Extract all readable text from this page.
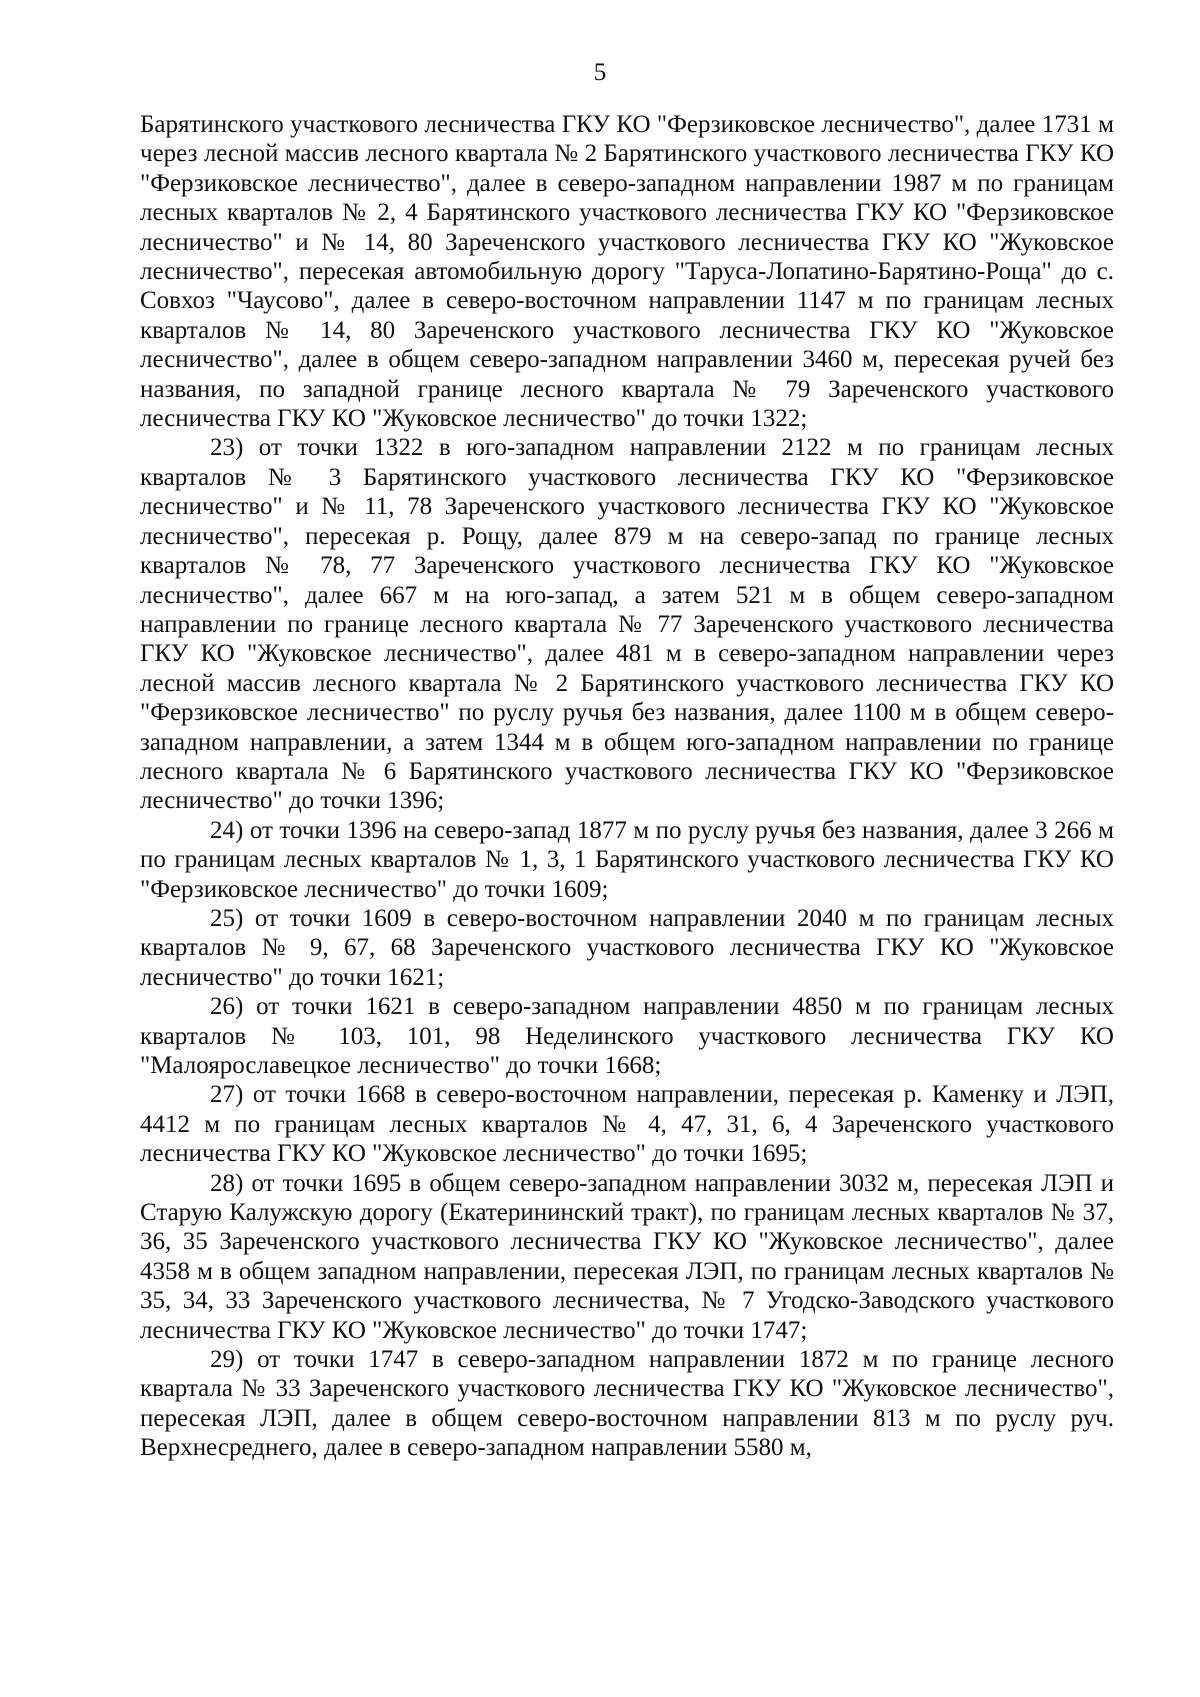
5

Барятинского участкового лесничества ГКУ КО "Ферзиковское лесничество", далее 1731 м через лесной массив лесного квартала № 2 Барятинского участкового лесничества ГКУ КО "Ферзиковское лесничество", далее в северо-западном направлении 1987 м по границам лесных кварталов № 2, 4 Барятинского участкового лесничества ГКУ КО "Ферзиковское лесничество" и № 14, 80 Зареченского участкового лесничества ГКУ КО "Жуковское лесничество", пересекая автомобильную дорогу "Таруса-Лопатино-Барятино-Роща" до с. Совхоз "Чаусово", далее в северо-восточном направлении 1147 м по границам лесных кварталов № 14, 80 Зареченского участкового лесничества ГКУ КО "Жуковское лесничество", далее в общем северо-западном направлении 3460 м, пересекая ручей без названия, по западной границе лесного квартала № 79 Зареченского участкового лесничества ГКУ КО "Жуковское лесничество" до точки 1322;

23) от точки 1322 в юго-западном направлении 2122 м по границам лесных кварталов № 3 Барятинского участкового лесничества ГКУ КО "Ферзиковское лесничество" и № 11, 78 Зареченского участкового лесничества ГКУ КО "Жуковское лесничество", пересекая р. Рощу, далее 879 м на северо-запад по границе лесных кварталов № 78, 77 Зареченского участкового лесничества ГКУ КО "Жуковское лесничество", далее 667 м на юго-запад, а затем 521 м в общем северо-западном направлении по границе лесного квартала № 77 Зареченского участкового лесничества ГКУ КО "Жуковское лесничество", далее 481 м в северо-западном направлении через лесной массив лесного квартала № 2 Барятинского участкового лесничества ГКУ КО "Ферзиковское лесничество" по руслу ручья без названия, далее 1100 м в общем северо-западном направлении, а затем 1344 м в общем юго-западном направлении по границе лесного квартала № 6 Барятинского участкового лесничества ГКУ КО "Ферзиковское лесничество" до точки 1396;

24) от точки 1396 на северо-запад 1877 м по руслу ручья без названия, далее 3 266 м по границам лесных кварталов № 1, 3, 1 Барятинского участкового лесничества ГКУ КО "Ферзиковское лесничество" до точки 1609;

25) от точки 1609 в северо-восточном направлении 2040 м по границам лесных кварталов № 9, 67, 68 Зареченского участкового лесничества ГКУ КО "Жуковское лесничество" до точки 1621;

26) от точки 1621 в северо-западном направлении 4850 м по границам лесных кварталов № 103, 101, 98 Неделинского участкового лесничества ГКУ КО "Малоярославецкое лесничество" до точки 1668;

27) от точки 1668 в северо-восточном направлении, пересекая р. Каменку и ЛЭП, 4412 м по границам лесных кварталов № 4, 47, 31, 6, 4 Зареченского участкового лесничества ГКУ КО "Жуковское лесничество" до точки 1695;

28) от точки 1695 в общем северо-западном направлении 3032 м, пересекая ЛЭП и Старую Калужскую дорогу (Екатерининский тракт), по границам лесных кварталов № 37, 36, 35 Зареченского участкового лесничества ГКУ КО "Жуковское лесничество", далее 4358 м в общем западном направлении, пересекая ЛЭП, по границам лесных кварталов № 35, 34, 33 Зареченского участкового лесничества, № 7 Угодско-Заводского участкового лесничества ГКУ КО "Жуковское лесничество" до точки 1747;

29) от точки 1747 в северо-западном направлении 1872 м по границе лесного квартала № 33 Зареченского участкового лесничества ГКУ КО "Жуковское лесничество", пересекая ЛЭП, далее в общем северо-восточном направлении 813 м по руслу руч. Верхнесреднего, далее в северо-западном направлении 5580 м,
